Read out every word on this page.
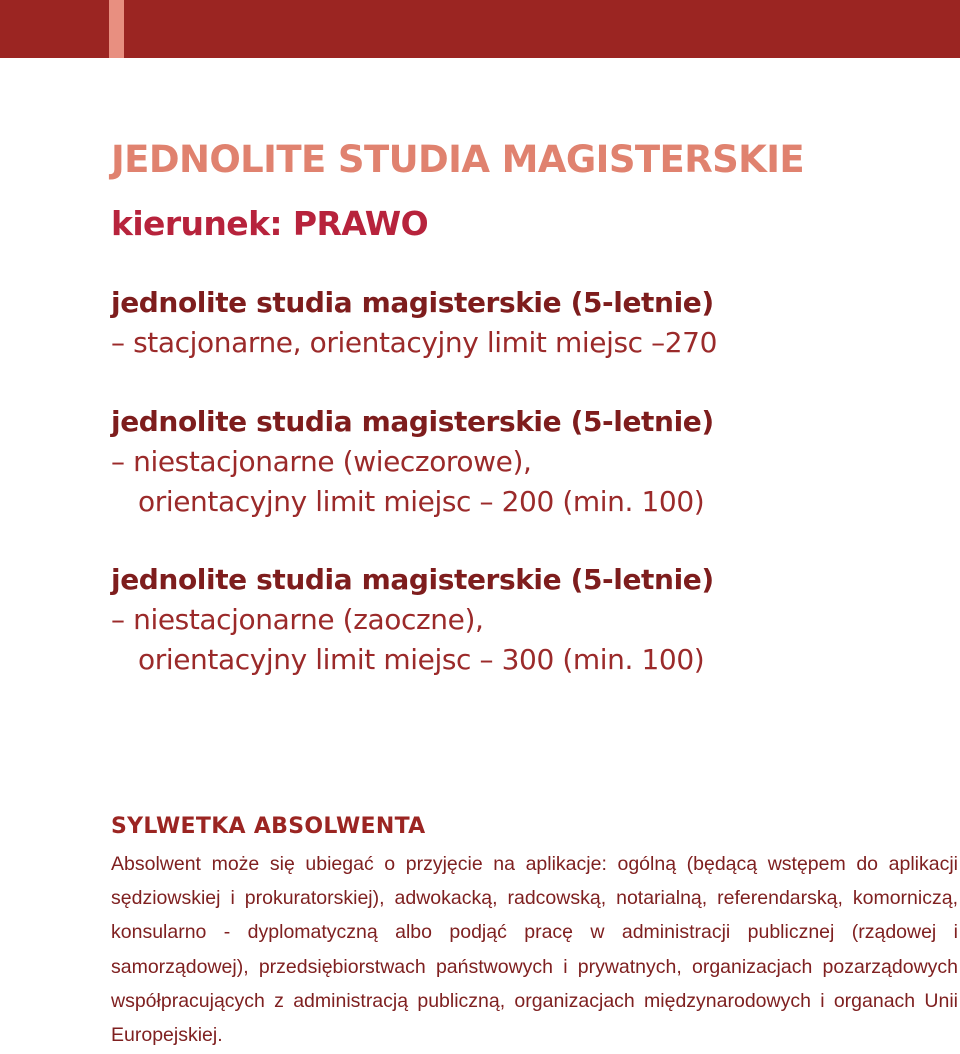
JEDNOLITE STUDIA MAGISTERSKIE
kierunek: PRAWO

jednolite studia magisterskie (5-letnie)

– stacjonarne, orientacyjny limit miejsc –270

jednolite studia magisterskie (5-letnie)

– niestacjonarne (wieczorowe),

orientacyjny limit miejsc – 200 (min. 100)

jednolite studia magisterskie (5-letnie)

– niestacjonarne (zaoczne),

orientacyjny limit miejsc – 300 (min. 100)

SYLWETKA ABSOLWENTA

Absolwent może się ubiegać o przyjęcie na aplikacje: ogólną (będącą wstępem do aplikacji sędziowskiej i prokuratorskiej), adwokacką, radcowską, notarialną, referendarską, komorniczą, konsularno - dyplomatyczną albo podjąć pracę w administracji publicznej (rządowej i samorządowej), przedsiębiorstwach państwowych i prywatnych, organizacjach pozarządowych współpracujących z administracją publiczną, organizacjach międzynarodowych i organach Unii Europejskiej.
